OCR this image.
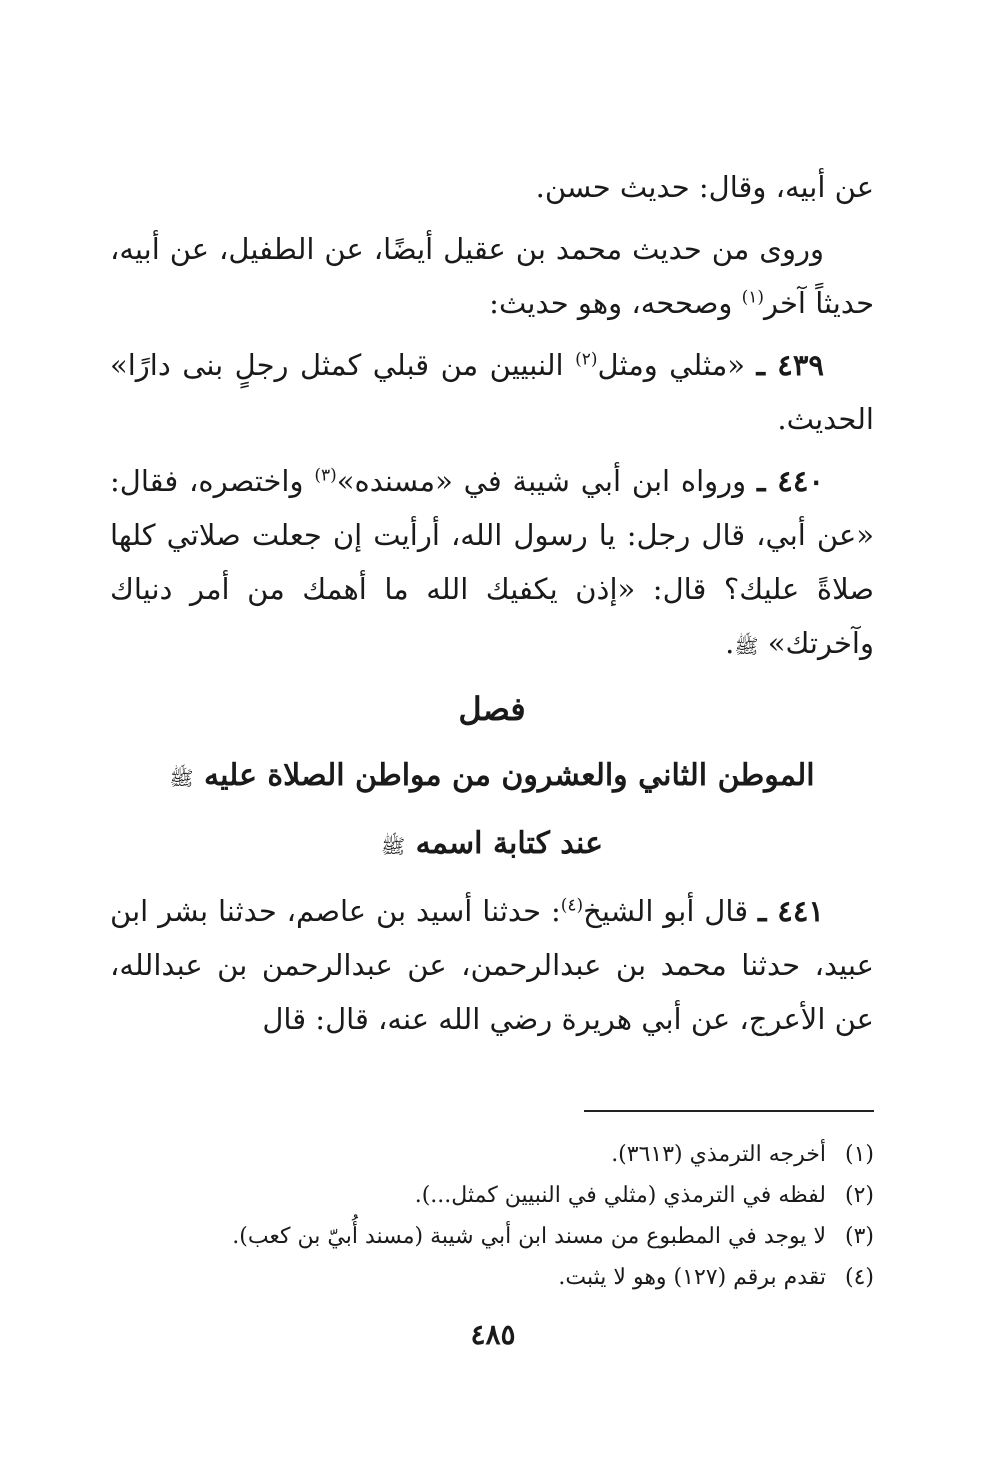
عن أبيه، وقال: حديث حسن.

وروى من حديث محمد بن عقيل أيضًا، عن الطفيل، عن أبيه، حديثاً آخر$^{(١)}$ وصححه، وهو حديث:

٤٣٩ ـ «مثلي ومثل$^{(٢)}$ النبيين من قبلي كمثل رجلٍ بنى دارًا» الحديث.

٤٤٠ ـ ورواه ابن أبي شيبة في «مسنده»$^{(٣)}$ واختصره، فقال: «عن أبي، قال رجل: يا رسول الله، أرأيت إن جعلت صلاتي كلها صلاةً عليك؟ قال: «إذن يكفيك الله ما أهمك من أمر دنياك وآخرتك» ﷺ.

فصل

الموطن الثاني والعشرون من مواطن الصلاة عليه ﷺ

عند كتابة اسمه ﷺ

٤٤١ ـ قال أبو الشيخ$^{(٤)}$: حدثنا أسيد بن عاصم، حدثنا بشر ابن عبيد، حدثنا محمد بن عبدالرحمن، عن عبدالرحمن بن عبدالله، عن الأعرج، عن أبي هريرة رضي الله عنه، قال: قال

(١)أخرجه الترمذي (٣٦١٣).
(٢)لفظه في الترمذي (مثلي في النبيين كمثل...).
(٣)لا يوجد في المطبوع من مسند ابن أبي شيبة (مسند أُبيّ بن كعب).
(٤)تقدم برقم (١٢٧) وهو لا يثبت.
٤٨٥
